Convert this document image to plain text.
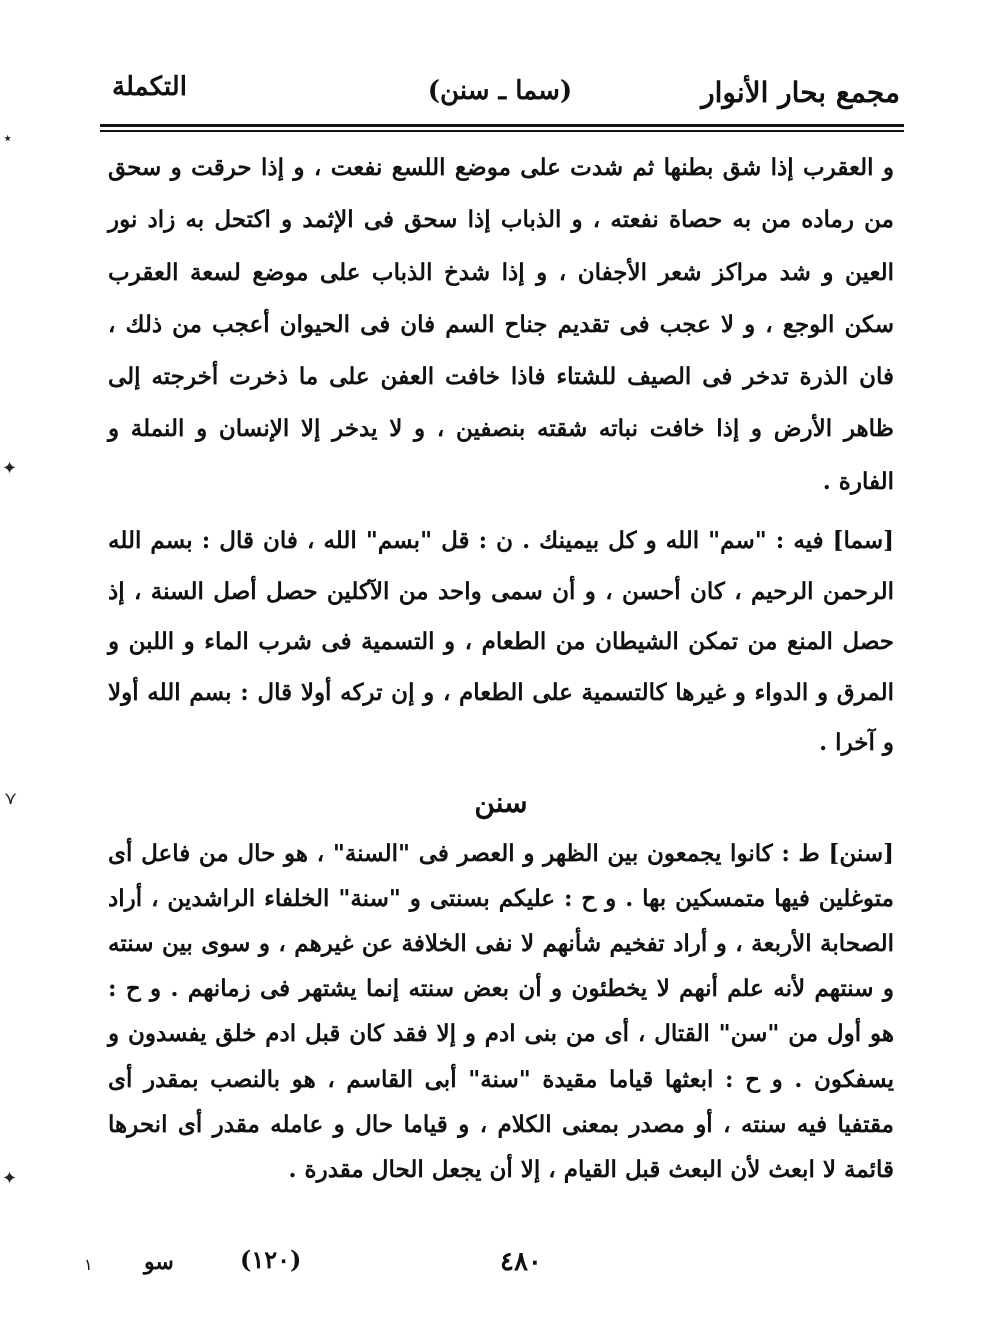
مجمع بحار الأنوار
(سما ـ سنن)
التكملة

و العقرب إذا شق بطنها ثم شدت على موضع اللسع نفعت ، و إذا حرقت و سحق من رماده من به حصاة نفعته ، و الذباب إذا سحق فى الإثمد و اكتحل به زاد نور العين و شد مراكز شعر الأجفان ، و إذا شدخ الذباب على موضع لسعة العقرب سكن الوجع ، و لا عجب فى تقديم جناح السم فان فى الحيوان أعجب من ذلك ، فان الذرة تدخر فى الصيف للشتاء فاذا خافت العفن على ما ذخرت أخرجته إلى ظاهر الأرض و إذا خافت نباته شقته بنصفين ، و لا يدخر إلا الإنسان و النملة و الفارة .

[سما] فيه : "سم" الله و كل بيمينك . ن : قل "بسم" الله ، فان قال : بسم الله الرحمن الرحيم ، كان أحسن ، و أن سمى واحد من الآكلين حصل أصل السنة ، إذ حصل المنع من تمكن الشيطان من الطعام ، و التسمية فى شرب الماء و اللبن و المرق و الدواء و غيرها كالتسمية على الطعام ، و إن تركه أولا قال : بسم الله أولا و آخرا .

سنن

[سنن] ط : كانوا يجمعون بين الظهر و العصر فى "السنة" ، هو حال من فاعل أى متوغلين فيها متمسكين بها . و ح : عليكم بسنتى و "سنة" الخلفاء الراشدين ، أراد الصحابة الأربعة ، و أراد تفخيم شأنهم لا نفى الخلافة عن غيرهم ، و سوى بين سنته و سنتهم لأنه علم أنهم لا يخطئون و أن بعض سنته إنما يشتهر فى زمانهم . و ح : هو أول من "سن" القتال ، أى من بنى ادم و إلا فقد كان قبل ادم خلق يفسدون و يسفكون . و ح : ابعثها قياما مقيدة "سنة" أبى القاسم ، هو بالنصب بمقدر أى مقتفيا فيه سنته ، أو مصدر بمعنى الكلام ، و قياما حال و عامله مقدر أى انحرها قائمة لا ابعث لأن البعث قبل القيام ، إلا أن يجعل الحال مقدرة .

١ سو	(١٢٠)	٤٨٠
⋆
✦
⋎
✦
